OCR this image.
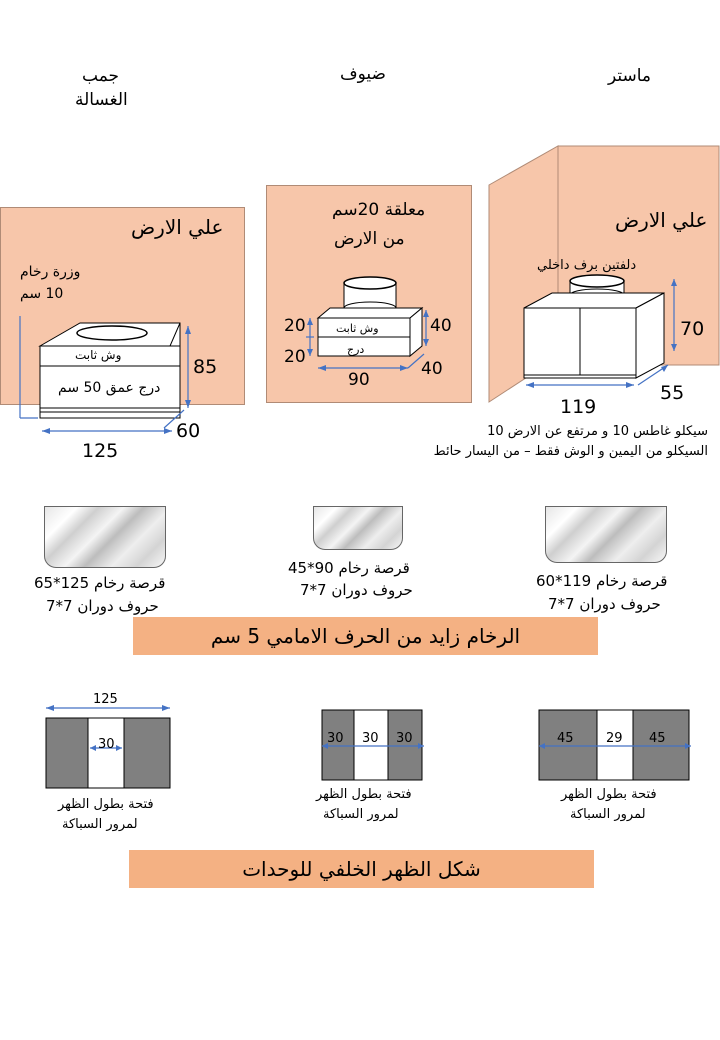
جمب
الغسالة
ضيوف	ماستر
علي الارض
وزرة رخام
10 سم
وش ثابت
درج عمق 50 سم
85
60
125
معلقة 20سم
من الارض
وش ثابت
درج
20
20
40
40
90
علي الارض
دلفتين برف داخلي
70
55
119
سيكلو غاطس 10 و مرتفع عن الارض 10
السيكلو من اليمين و الوش فقط – من اليسار حائط
قرصة رخام 125*65
حروف دوران 7*7
قرصة رخام 90*45
حروف دوران 7*7	قرصة رخام 119*60
حروف دوران 7*7
الرخام زايد من الحرف الامامي 5 سم
125
30
فتحة بطول الظهر
لمرور السباكة
30 30 30
فتحة بطول الظهر
لمرور السباكة
45 29 45
فتحة بطول الظهر
لمرور السباكة
شكل الظهر الخلفي للوحدات
